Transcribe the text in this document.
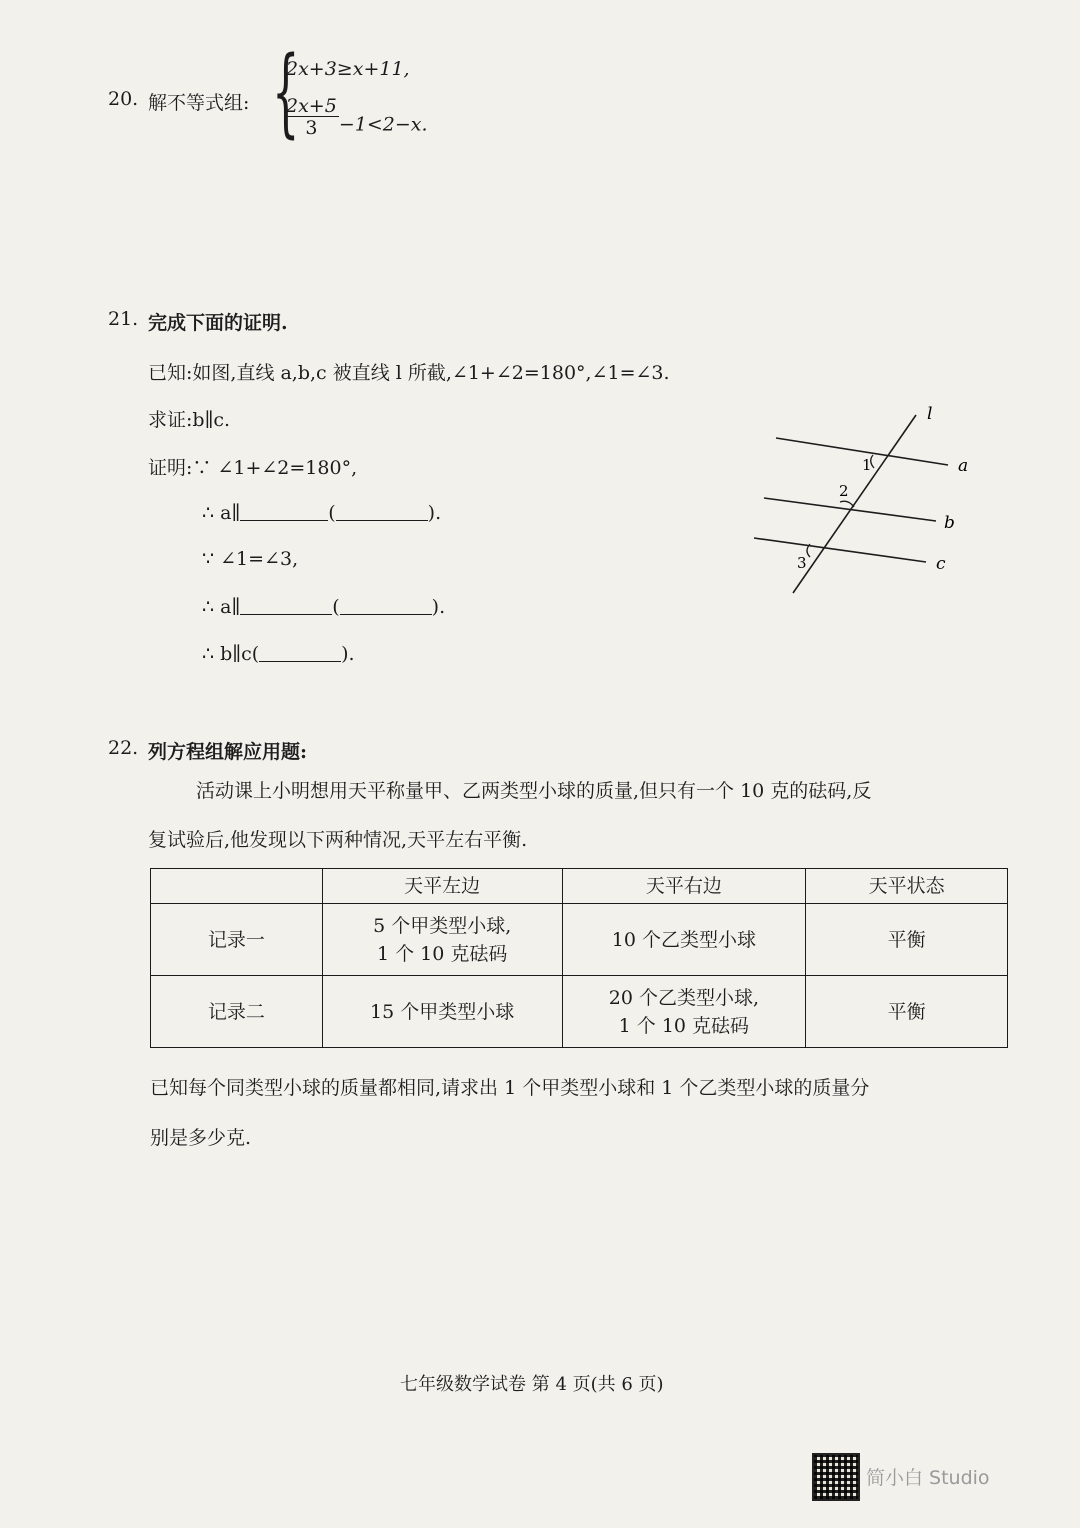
20. 解不等式组: {
2x+3≥x+11,
$\frac{2x+5}{3} -1<2-x$.
21. 完成下面的证明.
已知:如图,直线 a,b,c 被直线 l 所截,∠1+∠2=180°,∠1=∠3.
求证:b∥c.
证明:∵ ∠1+∠2=180°,
∴ a∥	(	).
∵ ∠1=∠3,
∴ a∥	(	).
∴ b∥c(	).
l
a
b
c
1
2
3
22. 列方程组解应用题:
活动课上小明想用天平称量甲、乙两类型小球的质量,但只有一个 10 克的砝码,反
复试验后,他发现以下两种情况,天平左右平衡.
	天平左边	天平右边	天平状态
记录一	5 个甲类型小球,
1 个 10 克砝码	10 个乙类型小球	平衡
记录二	15 个甲类型小球	20 个乙类型小球,
1 个 10 克砝码	平衡
已知每个同类型小球的质量都相同,请求出 1 个甲类型小球和 1 个乙类型小球的质量分
别是多少克.
七年级数学试卷 第 4 页(共 6 页)
简小白 Studio
